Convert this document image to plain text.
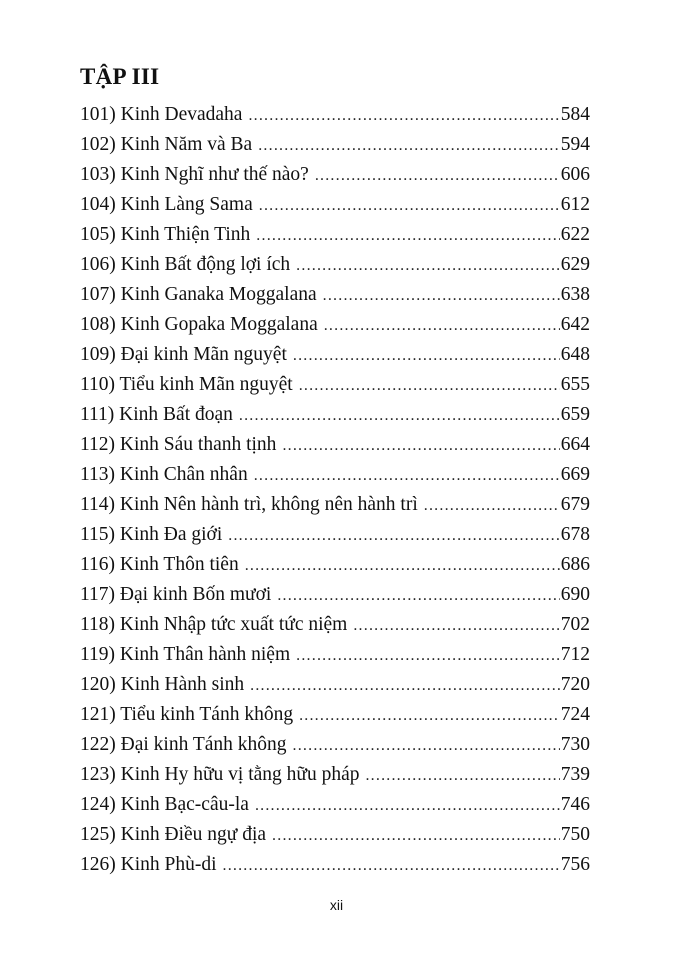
TẬP III
101) Kinh Devadaha .....	584
102) Kinh Năm và Ba .....	594
103) Kinh Nghĩ như thế nào? .....	606
104) Kinh Làng Sama .....	612
105) Kinh Thiện Tinh .....	622
106) Kinh Bất động lợi ích .....	629
107) Kinh Ganaka Moggalana .....	638
108) Kinh Gopaka Moggalana .....	642
109) Đại kinh Mãn nguyệt .....	648
110) Tiểu kinh Mãn nguyệt .....	655
111) Kinh Bất đoạn .....	659
112) Kinh Sáu thanh tịnh .....	664
113) Kinh Chân nhân .....	669
114) Kinh Nên hành trì, không nên hành trì .....	679
115) Kinh Đa giới .....	678
116) Kinh Thôn tiên .....	686
117) Đại kinh Bốn mươi .....	690
118) Kinh Nhập tức xuất tức niệm .....	702
119) Kinh Thân hành niệm .....	712
120) Kinh Hành sinh .....	720
121) Tiểu kinh Tánh không .....	724
122) Đại kinh Tánh không .....	730
123) Kinh Hy hữu vị tằng hữu pháp .....	739
124) Kinh Bạc-câu-la .....	746
125) Kinh Điều ngự địa .....	750
126) Kinh Phù-di .....	756
xii
